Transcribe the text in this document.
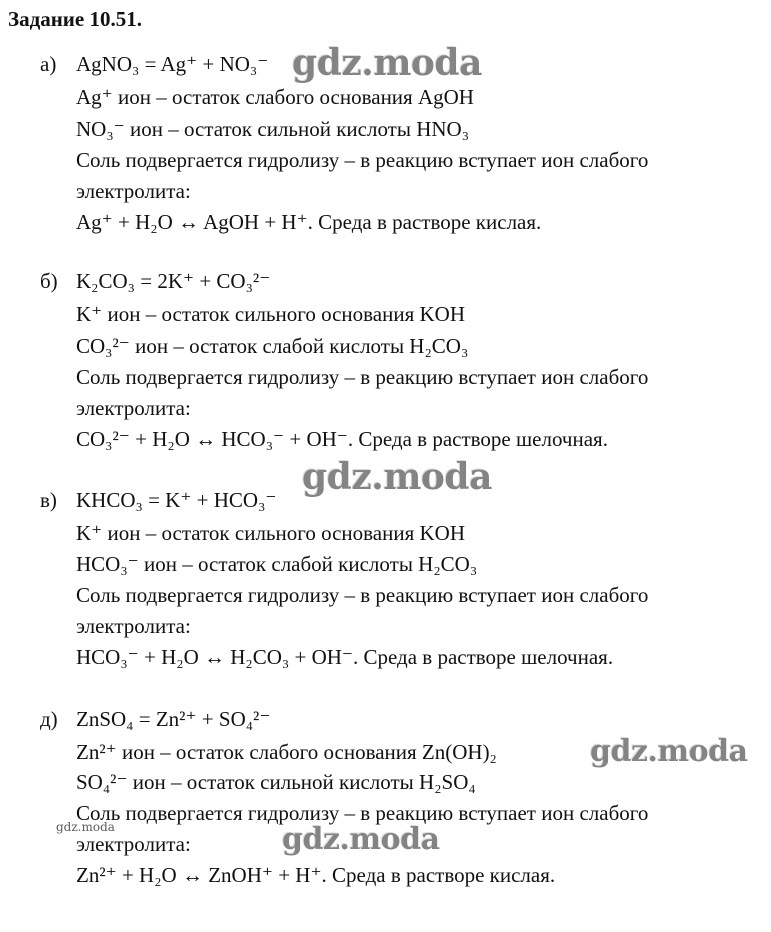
Задание 10.51.
а) AgNO₃ = Ag⁺ + NO₃⁻
Ag⁺ ион – остаток слабого основания AgOH
NO₃⁻ ион – остаток сильной кислоты HNO₃
Соль подвергается гидролизу – в реакцию вступает ион слабого
электролита:
Ag⁺ + H₂O ↔ AgOH + H⁺. Среда в растворе кислая.
б) K₂CO₃ = 2K⁺ + CO₃²⁻
K⁺ ион – остаток сильного основания KOH
CO₃²⁻ ион – остаток слабой кислоты H₂CO₃
Соль подвергается гидролизу – в реакцию вступает ион слабого
электролита:
CO₃²⁻ + H₂O ↔ HCO₃⁻ + OH⁻. Среда в растворе шелочная.
в) KHCO₃ = K⁺ + HCO₃⁻
K⁺ ион – остаток сильного основания KOH
HCO₃⁻ ион – остаток слабой кислоты H₂CO₃
Соль подвергается гидролизу – в реакцию вступает ион слабого
электролита:
HCO₃⁻ + H₂O ↔ H₂CO₃ + OH⁻. Среда в растворе шелочная.
д) ZnSO₄ = Zn²⁺ + SO₄²⁻
Zn²⁺ ион – остаток слабого основания Zn(OH)₂
SO₄²⁻ ион – остаток сильной кислоты H₂SO₄
Соль подвергается гидролизу – в реакцию вступает ион слабого
электролита:
Zn²⁺ + H₂O ↔ ZnOH⁺ + H⁺. Среда в растворе кислая.
gdz.moda
gdz.moda
gdz.moda
gdz.moda
gdz.moda
